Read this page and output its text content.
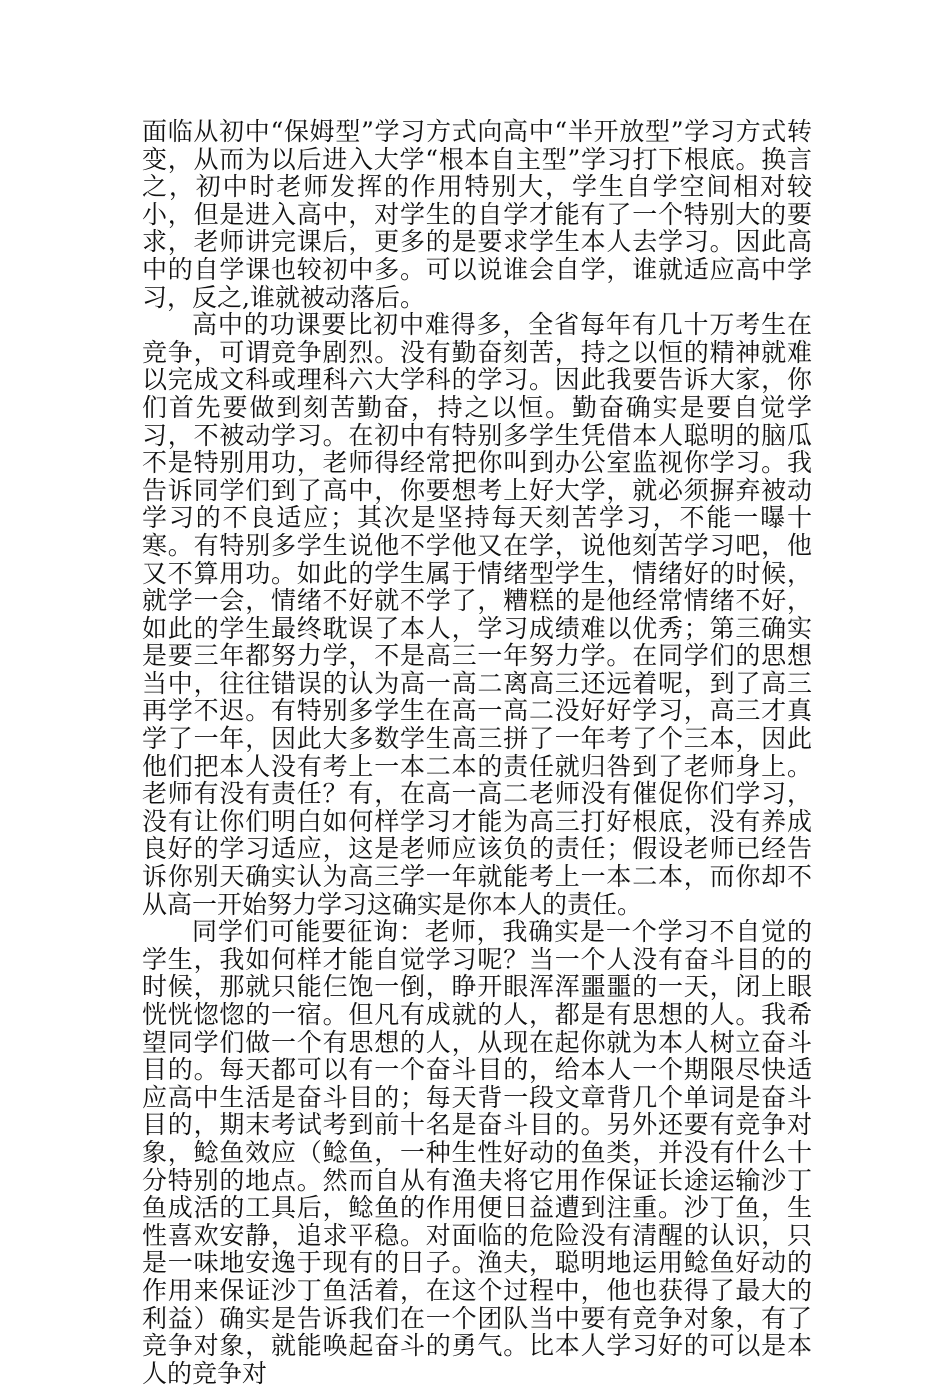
面临从初中“保姆型”学习方式向高中“半开放型”学习方式转变，从而为以后进入大学“根本自主型”学习打下根底。换言之，初中时老师发挥的作用特别大，学生自学空间相对较小，但是进入高中，对学生的自学才能有了一个特别大的要求，老师讲完课后，更多的是要求学生本人去学习。因此高中的自学课也较初中多。可以说谁会自学，谁就适应高中学习，反之,谁就被动落后。

高中的功课要比初中难得多，全省每年有几十万考生在竞争，可谓竞争剧烈。没有勤奋刻苦，持之以恒的精神就难以完成文科或理科六大学科的学习。因此我要告诉大家，你们首先要做到刻苦勤奋，持之以恒。勤奋确实是要自觉学习，不被动学习。在初中有特别多学生凭借本人聪明的脑瓜不是特别用功，老师得经常把你叫到办公室监视你学习。我告诉同学们到了高中，你要想考上好大学，就必须摒弃被动学习的不良适应；其次是坚持每天刻苦学习，不能一曝十寒。有特别多学生说他不学他又在学，说他刻苦学习吧，他又不算用功。如此的学生属于情绪型学生，情绪好的时候，就学一会，情绪不好就不学了，糟糕的是他经常情绪不好，如此的学生最终耽误了本人，学习成绩难以优秀；第三确实是要三年都努力学，不是高三一年努力学。在同学们的思想当中，往往错误的认为高一高二离高三还远着呢，到了高三再学不迟。有特别多学生在高一高二没好好学习，高三才真学了一年，因此大多数学生高三拼了一年考了个三本，因此他们把本人没有考上一本二本的责任就归咎到了老师身上。老师有没有责任？有，在高一高二老师没有催促你们学习，没有让你们明白如何样学习才能为高三打好根底，没有养成良好的学习适应，这是老师应该负的责任；假设老师已经告诉你别天确实认为高三学一年就能考上一本二本，而你却不从高一开始努力学习这确实是你本人的责任。

同学们可能要征询：老师，我确实是一个学习不自觉的学生，我如何样才能自觉学习呢？当一个人没有奋斗目的的时候，那就只能仨饱一倒，睁开眼浑浑噩噩的一天，闭上眼恍恍惚惚的一宿。但凡有成就的人，都是有思想的人。我希望同学们做一个有思想的人，从现在起你就为本人树立奋斗目的。每天都可以有一个奋斗目的，给本人一个期限尽快适应高中生活是奋斗目的；每天背一段文章背几个单词是奋斗目的，期末考试考到前十名是奋斗目的。另外还要有竞争对象，鲶鱼效应（鲶鱼，一种生性好动的鱼类，并没有什么十分特别的地点。然而自从有渔夫将它用作保证长途运输沙丁鱼成活的工具后，鲶鱼的作用便日益遭到注重。沙丁鱼，生性喜欢安静，追求平稳。对面临的危险没有清醒的认识，只是一味地安逸于现有的日子。渔夫，聪明地运用鲶鱼好动的作用来保证沙丁鱼活着，在这个过程中，他也获得了最大的利益）确实是告诉我们在一个团队当中要有竞争对象，有了竞争对象，就能唤起奋斗的勇气。比本人学习好的可以是本人的竞争对
